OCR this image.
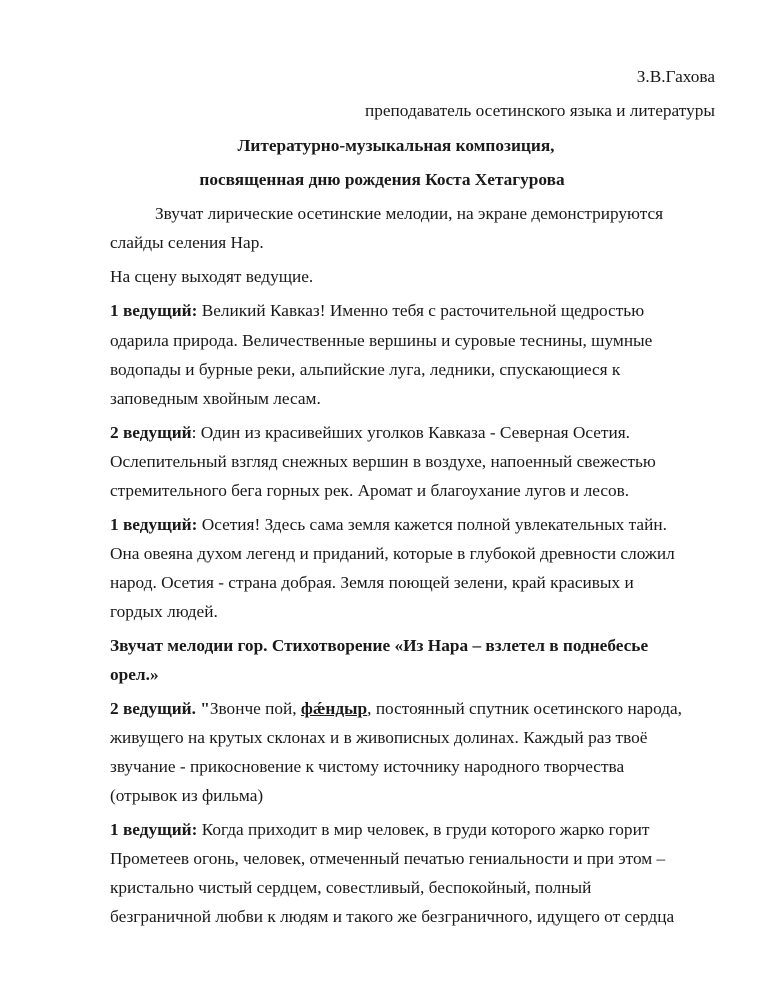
З.В.Гахова
преподаватель осетинского языка и литературы
Литературно-музыкальная композиция,
посвященная дню рождения Коста Хетагурова
Звучат лирические осетинские мелодии, на экране демонстрируются
слайды селения Нар.
На сцену выходят ведущие.
1 ведущий: Великий Кавказ! Именно тебя с расточительной щедростью
одарила природа. Величественные вершины и суровые теснины, шумные
водопады и бурные реки, альпийские луга, ледники, спускающиеся к
заповедным хвойным лесам.
2 ведущий: Один из красивейших уголков Кавказа - Северная Осетия.
Ослепительный взгляд снежных вершин в воздухе, напоенный свежестью
стремительного бега горных рек. Аромат и благоухание лугов и лесов.
1 ведущий: Осетия! Здесь сама земля кажется полной увлекательных тайн.
Она овеяна духом легенд и приданий, которые в глубокой древности сложил
народ. Осетия - страна добрая. Земля поющей зелени, край красивых и
гордых людей.
Звучат мелодии гор. Стихотворение «Из Нара – взлетел в поднебесье
орел.»
2 ведущий. "Звонче пой, фǽндыр, постоянный спутник осетинского народа,
живущего на крутых склонах и в живописных долинах. Каждый раз твоё
звучание - прикосновение к чистому источнику народного творчества
(отрывок из фильма)
1 ведущий: Когда приходит в мир человек, в груди которого жарко горит
Прометеев огонь, человек, отмеченный печатью гениальности и при этом –
кристально чистый сердцем, совестливый, беспокойный, полный
безграничной любви к людям и такого же безграничного, идущего от сердца
